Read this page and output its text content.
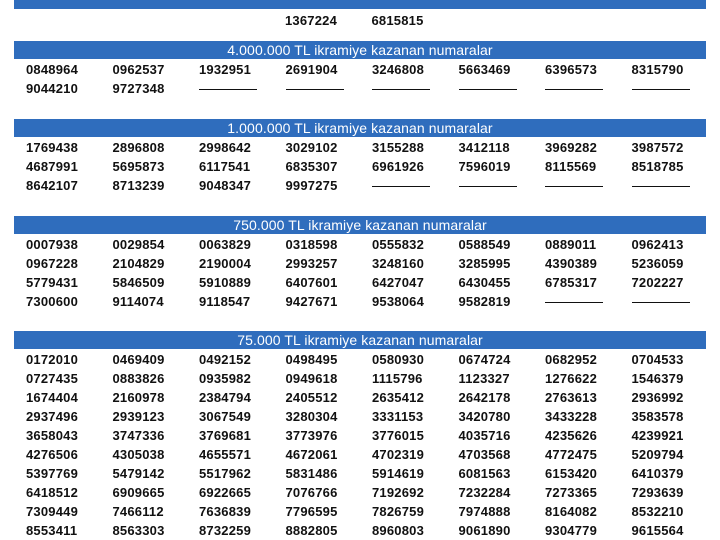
1367224	6815815
4.000.000 TL ikramiye kazanan numaralar
0848964	0962537	1932951	2691904	3246808	5663469	6396573	8315790
9044210	9727348
1.000.000 TL ikramiye kazanan numaralar
1769438	2896808	2998642	3029102	3155288	3412118	3969282	3987572
4687991	5695873	6117541	6835307	6961926	7596019	8115569	8518785
8642107	8713239	9048347	9997275
750.000 TL ikramiye kazanan numaralar
0007938	0029854	0063829	0318598	0555832	0588549	0889011	0962413
0967228	2104829	2190004	2993257	3248160	3285995	4390389	5236059
5779431	5846509	5910889	6407601	6427047	6430455	6785317	7202227
7300600	9114074	9118547	9427671	9538064	9582819
75.000 TL ikramiye kazanan numaralar
0172010	0469409	0492152	0498495	0580930	0674724	0682952	0704533
0727435	0883826	0935982	0949618	1115796	1123327	1276622	1546379
1674404	2160978	2384794	2405512	2635412	2642178	2763613	2936992
2937496	2939123	3067549	3280304	3331153	3420780	3433228	3583578
3658043	3747336	3769681	3773976	3776015	4035716	4235626	4239921
4276506	4305038	4655571	4672061	4702319	4703568	4772475	5209794
5397769	5479142	5517962	5831486	5914619	6081563	6153420	6410379
6418512	6909665	6922665	7076766	7192692	7232284	7273365	7293639
7309449	7466112	7636839	7796595	7826759	7974888	8164082	8532210
8553411	8563303	8732259	8882805	8960803	9061890	9304779	9615564
